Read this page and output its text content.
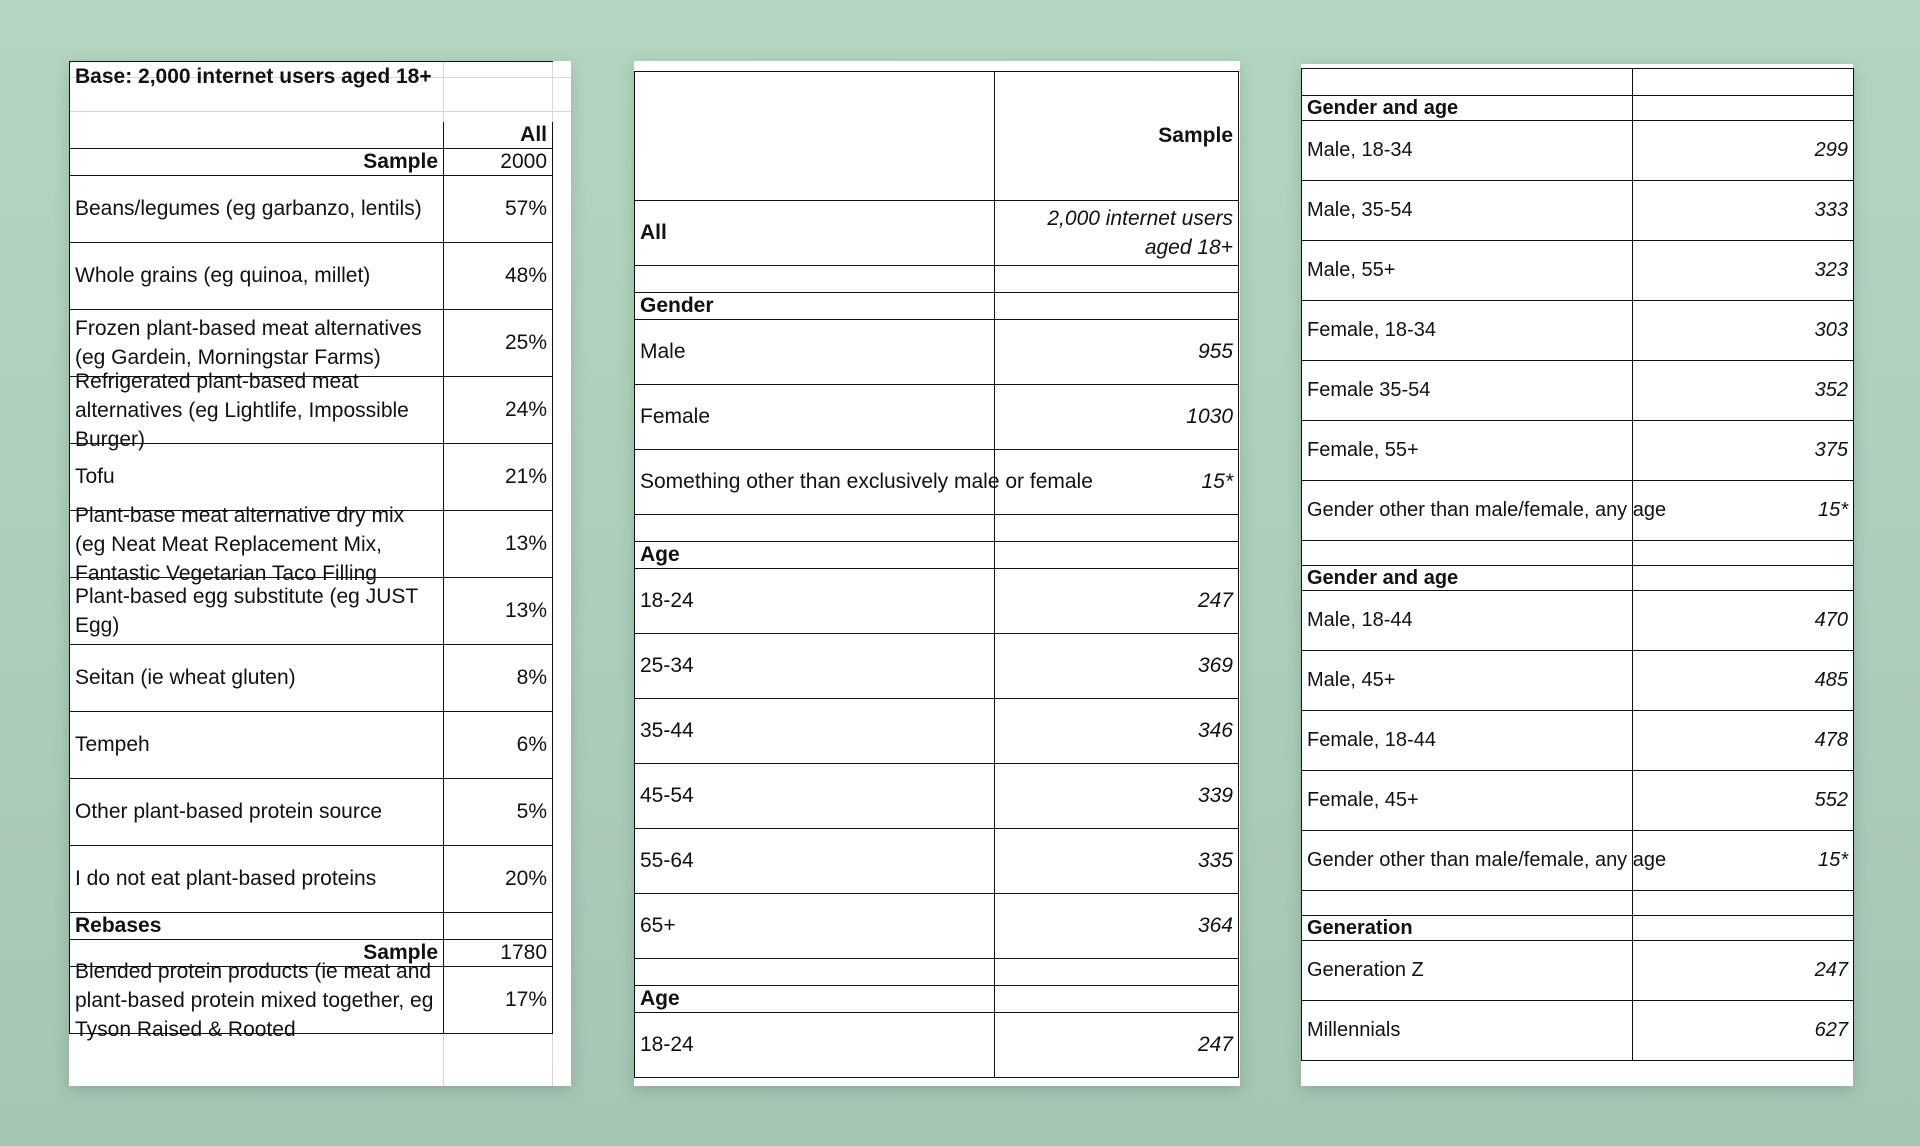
Base: 2,000 internet users aged 18+	

	All
Sample	2000
Beans/legumes (eg garbanzo, lentils)	57%
Whole grains (eg quinoa, millet)	48%
Frozen plant-based meat alternatives (eg Gardein, Morningstar Farms)	25%

Refrigerated plant-based meat alternatives (eg Lightlife, Impossible Burger)	24%
Tofu	21%

Plant-base meat alternative dry mix (eg Neat Meat Replacement Mix, Fantastic Vegetarian Taco Filling	13%
Plant-based egg substitute (eg JUST Egg)	13%
Seitan (ie wheat gluten)	8%
Tempeh	6%
Other plant-based protein source	5%
I do not eat plant-based proteins	20%
Rebases	
Sample	1780

Blended protein products (ie meat and plant-based protein mixed together, eg Tyson Raised & Rooted	17%
	Sample
All	2,000 internet users aged 18+

Gender	
Male	955
Female	1030
Something other than exclusively male or female	15*

Age	
18-24	247
25-34	369
35-44	346
45-54	339
55-64	335
65+	364

Age	
18-24	247

Gender and age	
Male, 18-34	299
Male, 35-54	333
Male, 55+	323
Female, 18-34	303
Female 35-54	352
Female, 55+	375
Gender other than male/female, any age	15*

Gender and age	
Male, 18-44	470
Male, 45+	485
Female, 18-44	478
Female, 45+	552
Gender other than male/female, any age	15*

Generation	
Generation Z	247
Millennials	627
